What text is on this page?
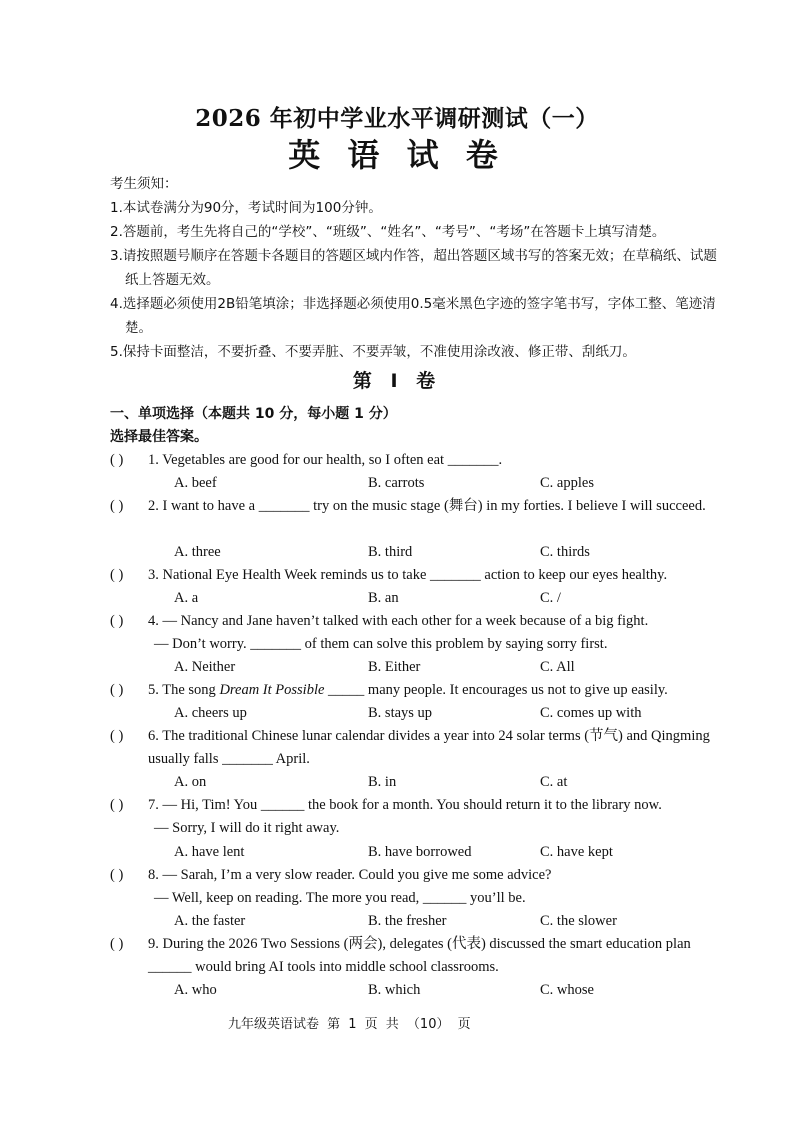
2026 年初中学业水平调研测试（一）
英 语 试 卷
考生须知：
1.本试卷满分为90分，考试时间为100分钟。
2.答题前，考生先将自己的“学校”、“班级”、“姓名”、“考号”、“考场”在答题卡上填写清楚。
3.请按照题号顺序在答题卡各题目的答题区域内作答，超出答题区域书写的答案无效；在草稿纸、试题纸上答题无效。
4.选择题必须使用2B铅笔填涂；非选择题必须使用0.5毫米黑色字迹的签字笔书写，字体工整、笔迹清楚。
5.保持卡面整洁，不要折叠、不要弄脏、不要弄皱，不准使用涂改液、修正带、刮纸刀。
第 Ⅰ 卷
一、单项选择（本题共 10 分，每小题 1 分）
选择最佳答案。
( ) 1. Vegetables are good for our health, so I often eat _______.
A. beef	B. carrots	C. apples
( ) 2. I want to have a _______ try on the music stage (舞台) in my forties. I believe I will succeed.
A. three	B. third	C. thirds
( ) 3. National Eye Health Week reminds us to take _______ action to keep our eyes healthy.
A. a	B. an	C. /
( ) 4. — Nancy and Jane haven’t talked with each other for a week because of a big fight.
— Don’t worry. _______ of them can solve this problem by saying sorry first.
A. Neither	B. Either	C. All
( ) 5. The song Dream It Possible _____ many people. It encourages us not to give up easily.
A. cheers up	B. stays up	C. comes up with
( ) 6. The traditional Chinese lunar calendar divides a year into 24 solar terms (节气) and Qingming usually falls _______ April.
A. on	B. in	C. at
( ) 7. — Hi, Tim! You ______ the book for a month. You should return it to the library now.
— Sorry, I will do it right away.
A. have lent	B. have borrowed	C. have kept
( ) 8. — Sarah, I’m a very slow reader. Could you give me some advice?
— Well, keep on reading. The more you read, ______ you’ll be.
A. the faster	B. the fresher	C. the slower
( ) 9. During the 2026 Two Sessions (两会), delegates (代表) discussed the smart education plan ______ would bring AI tools into middle school classrooms.
A. who	B. which	C. whose
九年级英语试卷 第 1 页 共 （10） 页
